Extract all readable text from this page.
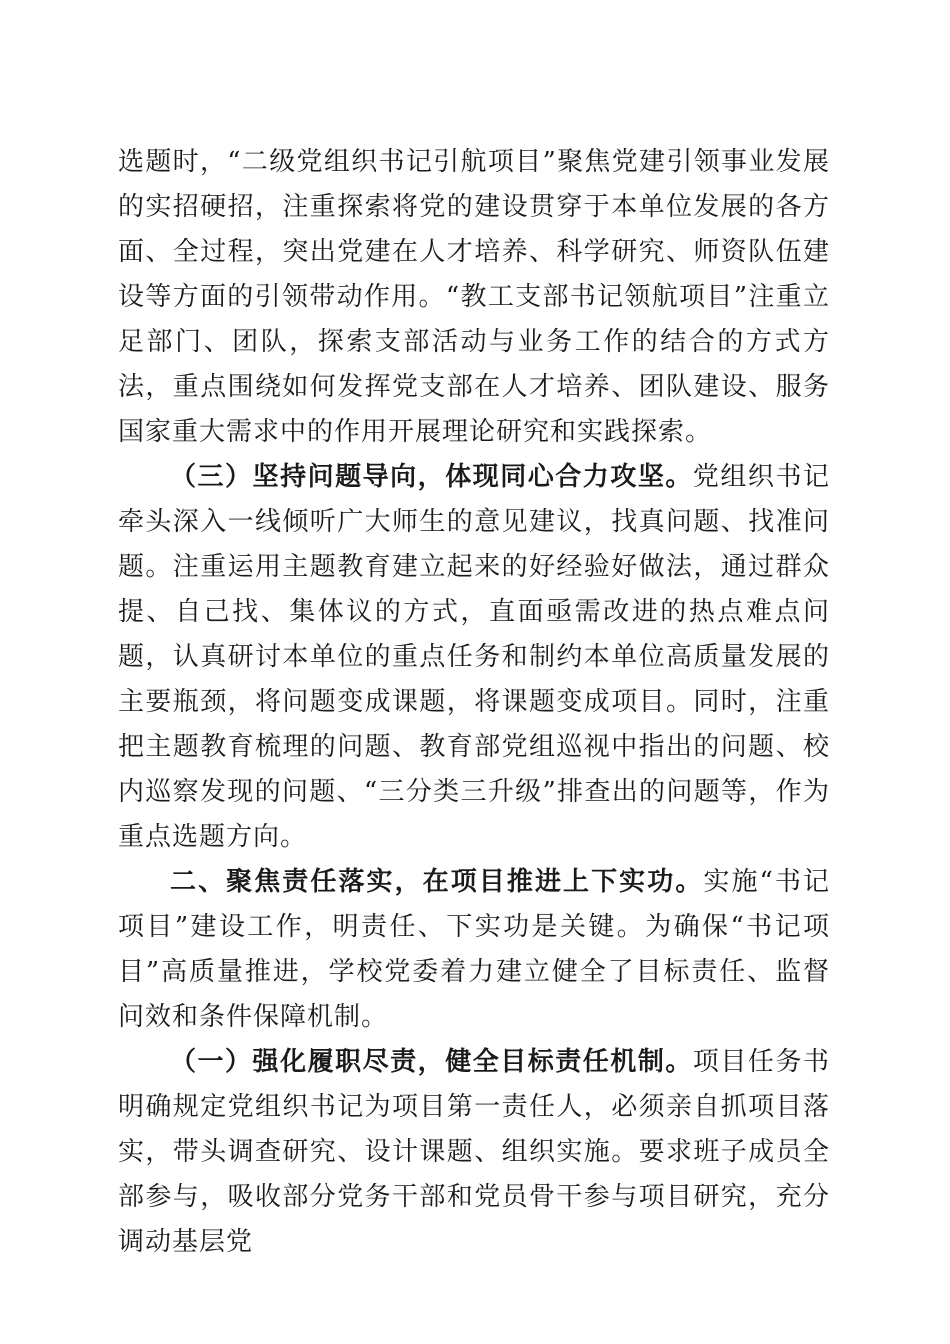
选题时，“二级党组织书记引航项目”聚焦党建引领事业发展的实招硬招，注重探索将党的建设贯穿于本单位发展的各方面、全过程，突出党建在人才培养、科学研究、师资队伍建设等方面的引领带动作用。“教工支部书记领航项目”注重立足部门、团队，探索支部活动与业务工作的结合的方式方法，重点围绕如何发挥党支部在人才培养、团队建设、服务国家重大需求中的作用开展理论研究和实践探索。

（三）坚持问题导向，体现同心合力攻坚。党组织书记牵头深入一线倾听广大师生的意见建议，找真问题、找准问题。注重运用主题教育建立起来的好经验好做法，通过群众提、自己找、集体议的方式，直面亟需改进的热点难点问题，认真研讨本单位的重点任务和制约本单位高质量发展的主要瓶颈，将问题变成课题，将课题变成项目。同时，注重把主题教育梳理的问题、教育部党组巡视中指出的问题、校内巡察发现的问题、“三分类三升级”排查出的问题等，作为重点选题方向。

二、聚焦责任落实，在项目推进上下实功。实施“书记项目”建设工作，明责任、下实功是关键。为确保“书记项目”高质量推进，学校党委着力建立健全了目标责任、监督问效和条件保障机制。

（一）强化履职尽责，健全目标责任机制。项目任务书明确规定党组织书记为项目第一责任人，必须亲自抓项目落实，带头调查研究、设计课题、组织实施。要求班子成员全部参与，吸收部分党务干部和党员骨干参与项目研究，充分调动基层党
